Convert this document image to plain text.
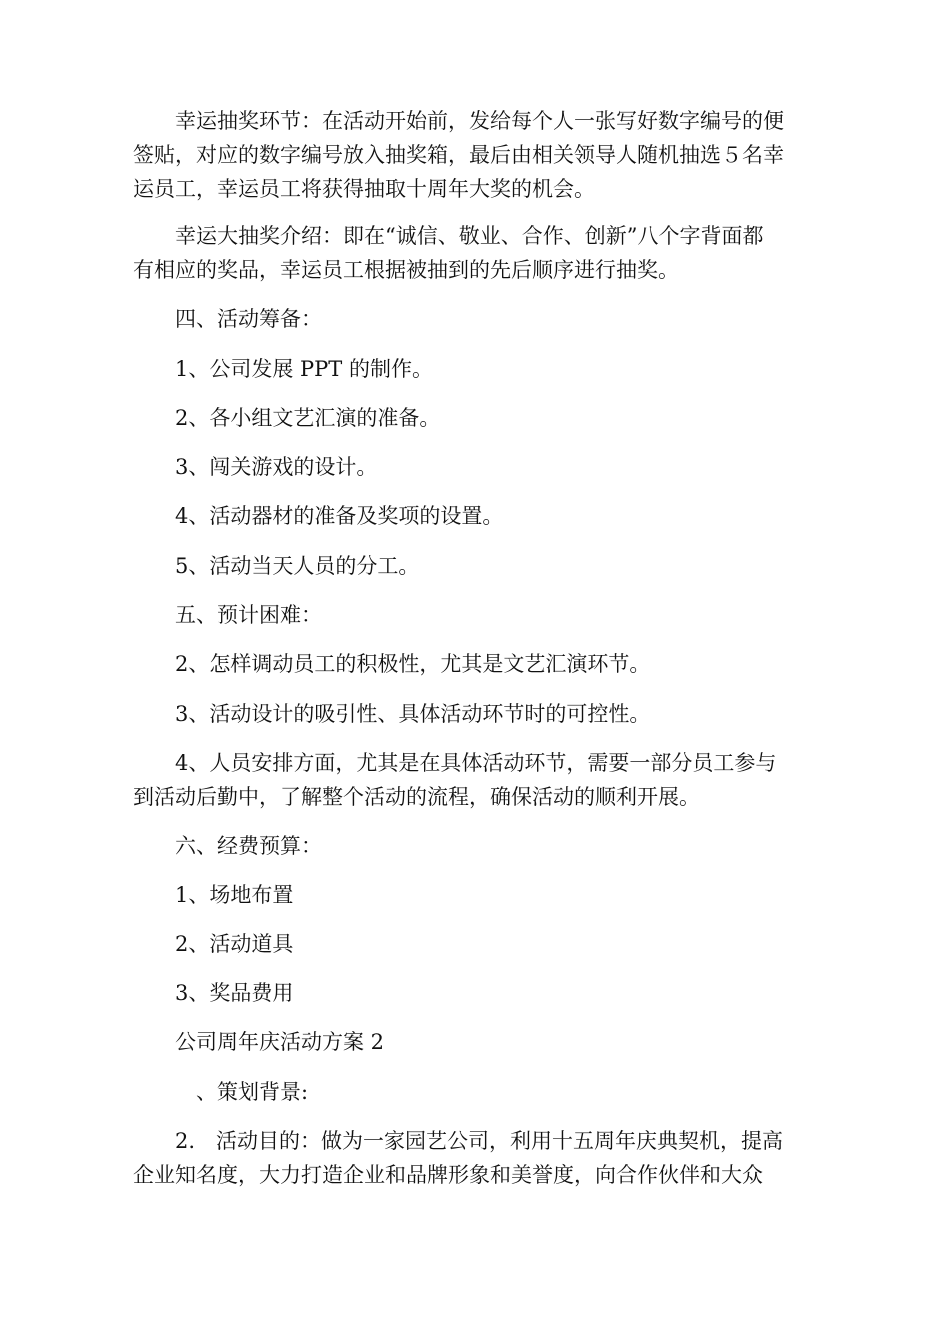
　　幸运抽奖环节：在活动开始前，发给每个人一张写好数字编号的便
签贴，对应的数字编号放入抽奖箱，最后由相关领导人随机抽选５名幸
运员工，幸运员工将获得抽取十周年大奖的机会。

　　幸运大抽奖介绍：即在“诚信、敬业、合作、创新”八个字背面都
有相应的奖品，幸运员工根据被抽到的先后顺序进行抽奖。

　　四、活动筹备：

　　1、公司发展 PPT 的制作。

　　2、各小组文艺汇演的准备。

　　3、闯关游戏的设计。

　　4、活动器材的准备及奖项的设置。

　　5、活动当天人员的分工。

　　五、预计困难：

　　2、怎样调动员工的积极性，尤其是文艺汇演环节。

　　3、活动设计的吸引性、具体活动环节时的可控性。

　　4、人员安排方面，尤其是在具体活动环节，需要一部分员工参与
到活动后勤中，了解整个活动的流程，确保活动的顺利开展。

　　六、经费预算：

　　1、场地布置

　　2、活动道具

　　3、奖品费用

　　公司周年庆活动方案 2

　　　、策划背景:

　　2.　活动目的：做为一家园艺公司，利用十五周年庆典契机，提高
企业知名度，大力打造企业和品牌形象和美誉度，向合作伙伴和大众
